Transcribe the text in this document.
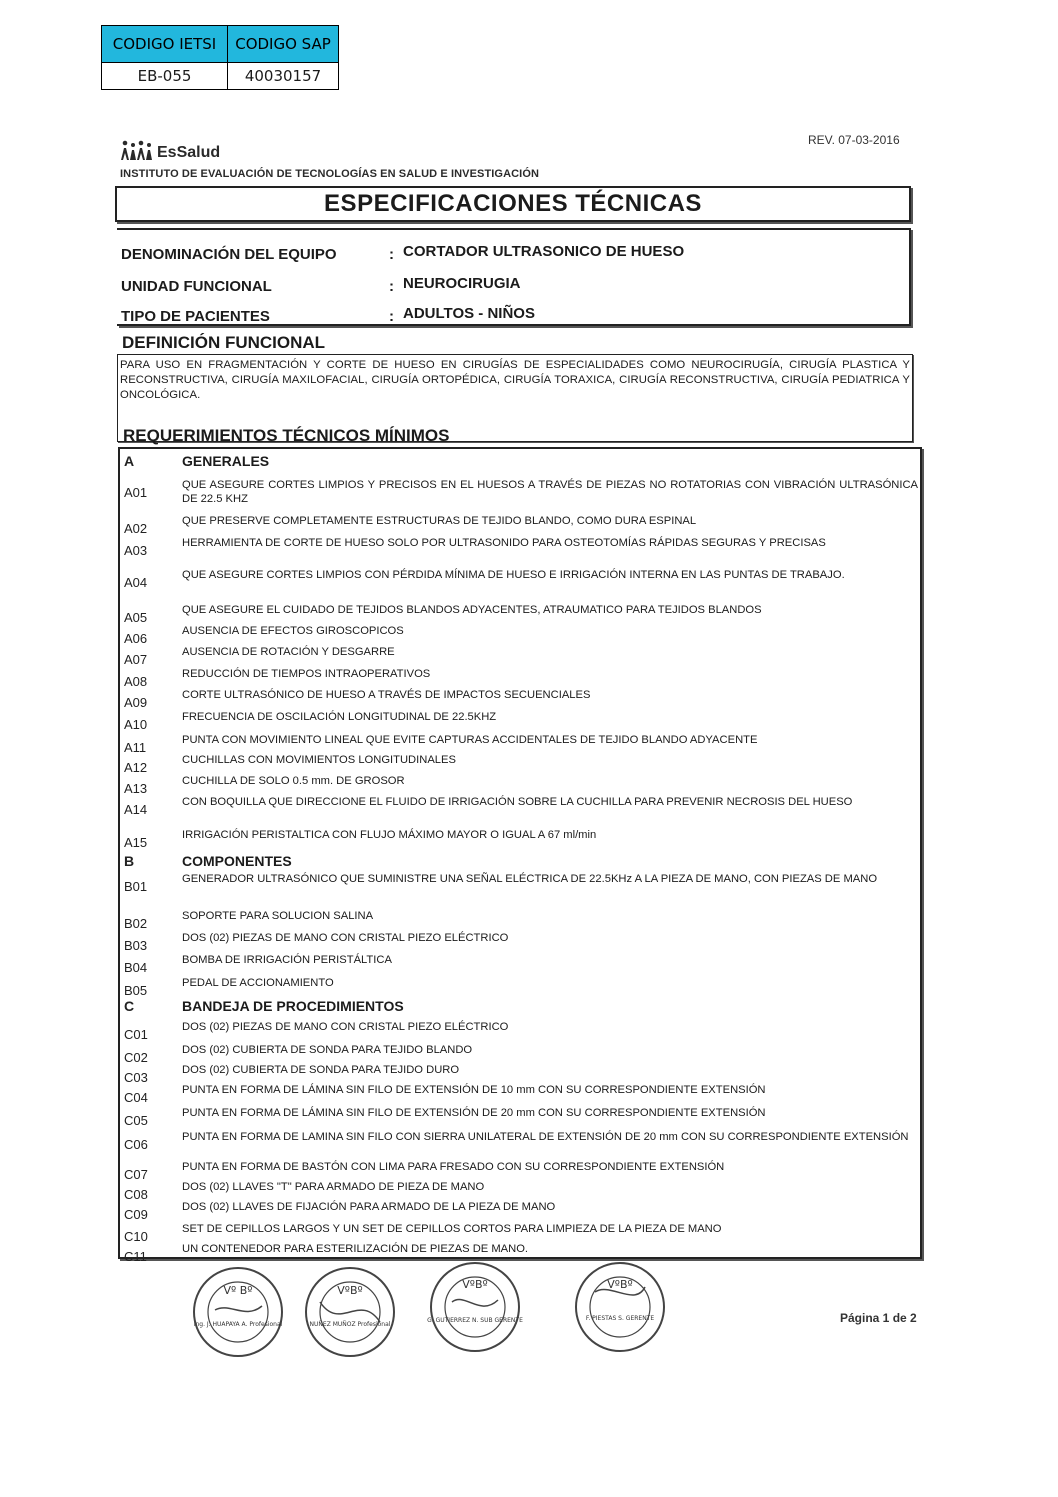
CODIGO IETSI	CODIGO SAP
EB-055	40030157
EsSalud
REV. 07-03-2016
INSTITUTO DE EVALUACIÓN DE TECNOLOGÍAS EN SALUD E INVESTIGACIÓN
ESPECIFICACIONES TÉCNICAS
DENOMINACIÓN DEL EQUIPO	: CORTADOR ULTRASONICO DE HUESO
UNIDAD FUNCIONAL	: NEUROCIRUGIA
TIPO DE PACIENTES	: ADULTOS - NIÑOS
DEFINICIÓN FUNCIONAL
PARA USO EN FRAGMENTACIÓN Y CORTE DE HUESO EN CIRUGÍAS DE ESPECIALIDADES COMO NEUROCIRUGÍA, CIRUGÍA PLASTICA Y RECONSTRUCTIVA, CIRUGÍA MAXILOFACIAL, CIRUGÍA ORTOPÉDICA, CIRUGÍA TORAXICA, CIRUGÍA RECONSTRUCTIVA, CIRUGÍA PEDIATRICA Y ONCOLÓGICA.
REQUERIMIENTOS TÉCNICOS MÍNIMOS
A	GENERALES
A01	QUE ASEGURE CORTES LIMPIOS Y PRECISOS EN EL HUESOS A TRAVÉS DE PIEZAS NO ROTATORIAS CON VIBRACIÓN ULTRASÓNICA DE 22.5 KHZ
A02	QUE PRESERVE COMPLETAMENTE ESTRUCTURAS DE TEJIDO BLANDO, COMO DURA ESPINAL
A03	HERRAMIENTA DE CORTE DE HUESO SOLO POR ULTRASONIDO PARA OSTEOTOMÍAS RÁPIDAS SEGURAS Y PRECISAS
A04	QUE ASEGURE CORTES LIMPIOS CON PÉRDIDA MÍNIMA DE HUESO E IRRIGACIÓN INTERNA EN LAS PUNTAS DE TRABAJO.
A05	QUE ASEGURE EL CUIDADO DE TEJIDOS BLANDOS ADYACENTES, ATRAUMATICO PARA TEJIDOS BLANDOS
A06	AUSENCIA DE EFECTOS GIROSCOPICOS
A07	AUSENCIA DE ROTACIÓN Y DESGARRE
A08	REDUCCIÓN DE TIEMPOS INTRAOPERATIVOS
A09	CORTE ULTRASÓNICO DE HUESO A TRAVÉS DE IMPACTOS SECUENCIALES
A10	FRECUENCIA DE OSCILACIÓN LONGITUDINAL DE 22.5KHZ
A11	PUNTA CON MOVIMIENTO LINEAL QUE EVITE CAPTURAS ACCIDENTALES DE TEJIDO BLANDO ADYACENTE
A12	CUCHILLAS CON MOVIMIENTOS LONGITUDINALES
A13	CUCHILLA DE SOLO 0.5 mm. DE GROSOR
A14	CON BOQUILLA QUE DIRECCIONE EL FLUIDO DE IRRIGACIÓN SOBRE LA CUCHILLA PARA PREVENIR NECROSIS DEL HUESO
A15	IRRIGACIÓN PERISTALTICA CON FLUJO MÁXIMO MAYOR O IGUAL A 67 ml/min
B	COMPONENTES
B01	GENERADOR ULTRASÓNICO QUE SUMINISTRE UNA SEÑAL ELÉCTRICA DE 22.5KHz A LA PIEZA DE MANO, CON PIEZAS DE MANO
B02	SOPORTE PARA SOLUCION SALINA
B03	DOS (02) PIEZAS DE MANO CON CRISTAL PIEZO ELÉCTRICO
B04	BOMBA DE IRRIGACIÓN PERISTÁLTICA
B05	PEDAL DE ACCIONAMIENTO
C	BANDEJA DE PROCEDIMIENTOS
C01	DOS (02) PIEZAS DE MANO CON CRISTAL PIEZO ELÉCTRICO
C02	DOS (02) CUBIERTA DE SONDA PARA TEJIDO BLANDO
C03	DOS (02) CUBIERTA DE SONDA PARA TEJIDO DURO
C04	PUNTA EN FORMA DE LÁMINA SIN FILO DE EXTENSIÓN DE 10 mm CON SU CORRESPONDIENTE EXTENSIÓN
C05	PUNTA EN FORMA DE LÁMINA SIN FILO DE EXTENSIÓN DE 20 mm CON SU CORRESPONDIENTE EXTENSIÓN
C06	PUNTA EN FORMA DE LAMINA SIN FILO CON SIERRA UNILATERAL DE EXTENSIÓN DE 20 mm CON SU CORRESPONDIENTE EXTENSIÓN
C07	PUNTA EN FORMA DE BASTÓN CON LIMA PARA FRESADO CON SU CORRESPONDIENTE EXTENSIÓN
C08	DOS (02) LLAVES "T" PARA ARMADO DE PIEZA DE MANO
C09	DOS (02) LLAVES DE FIJACIÓN PARA ARMADO DE LA PIEZA DE MANO
C10	SET DE CEPILLOS LARGOS Y UN SET DE CEPILLOS CORTOS PARA LIMPIEZA DE LA PIEZA DE MANO
C11	UN CONTENEDOR PARA ESTERILIZACIÓN DE PIEZAS DE MANO.
Vº Bº
Ing. J. HUAPAYA A. Profesional
VºBº
NUÑEZ MUÑOZ Profesional
VºBº
G. GUTIERREZ N. SUB GERENTE
VºBº
F. PIESTAS S. GERENTE	Página 1 de 2
